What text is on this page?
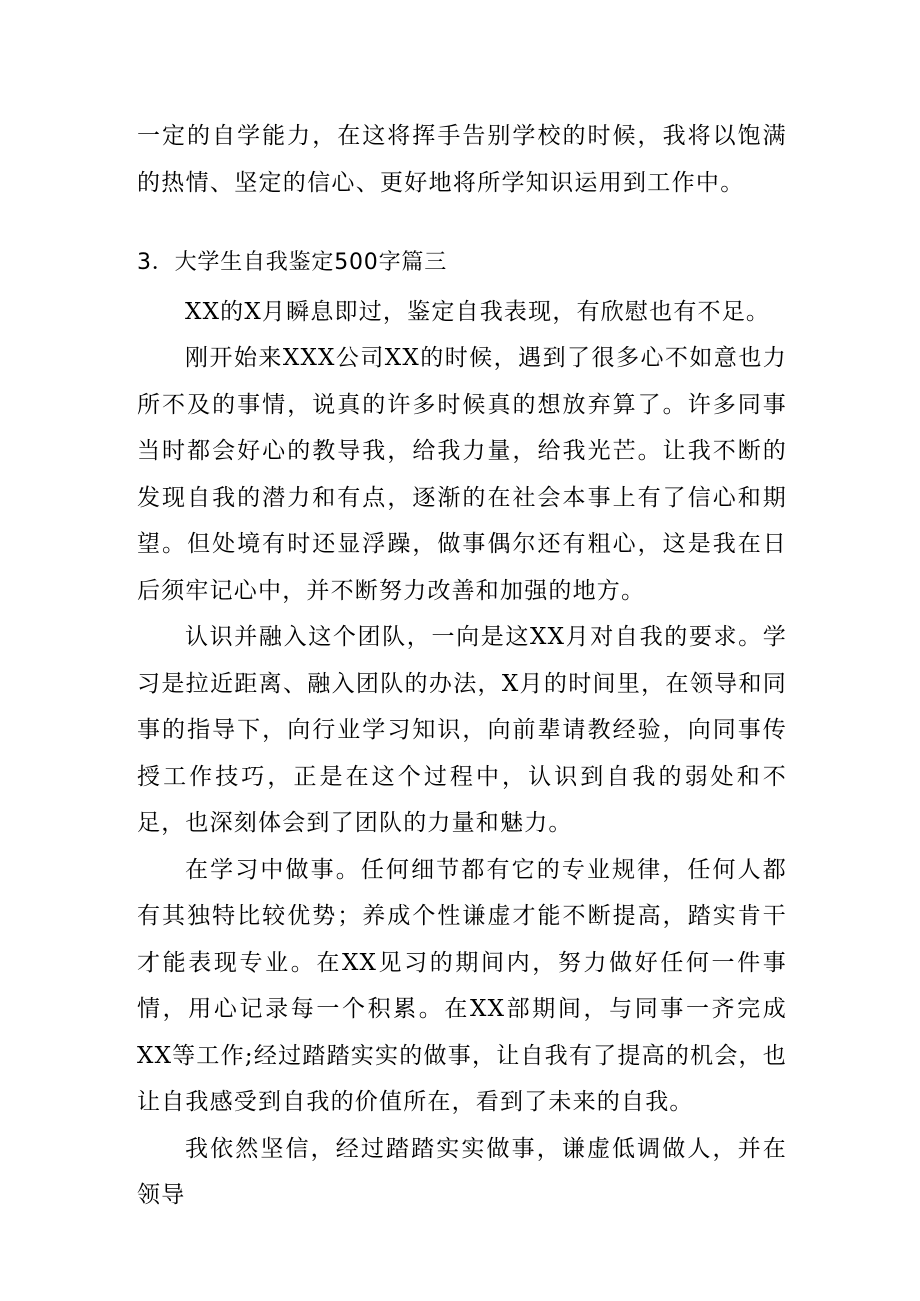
一定的自学能力，在这将挥手告别学校的时候，我将以饱满的热情、坚定的信心、更好地将所学知识运用到工作中。

3．大学生自我鉴定500字篇三

XX的X月瞬息即过，鉴定自我表现，有欣慰也有不足。

刚开始来XXX公司XX的时候，遇到了很多心不如意也力所不及的事情，说真的许多时候真的想放弃算了。许多同事当时都会好心的教导我，给我力量，给我光芒。让我不断的发现自我的潜力和有点，逐渐的在社会本事上有了信心和期望。但处境有时还显浮躁，做事偶尔还有粗心，这是我在日后须牢记心中，并不断努力改善和加强的地方。

认识并融入这个团队，一向是这XX月对自我的要求。学习是拉近距离、融入团队的办法，X月的时间里，在领导和同事的指导下，向行业学习知识，向前辈请教经验，向同事传授工作技巧，正是在这个过程中，认识到自我的弱处和不足，也深刻体会到了团队的力量和魅力。

在学习中做事。任何细节都有它的专业规律，任何人都有其独特比较优势；养成个性谦虚才能不断提高，踏实肯干才能表现专业。在XX见习的期间内，努力做好任何一件事情，用心记录每一个积累。在XX部期间，与同事一齐完成XX等工作;经过踏踏实实的做事，让自我有了提高的机会，也让自我感受到自我的价值所在，看到了未来的自我。

我依然坚信，经过踏踏实实做事，谦虚低调做人，并在领导
